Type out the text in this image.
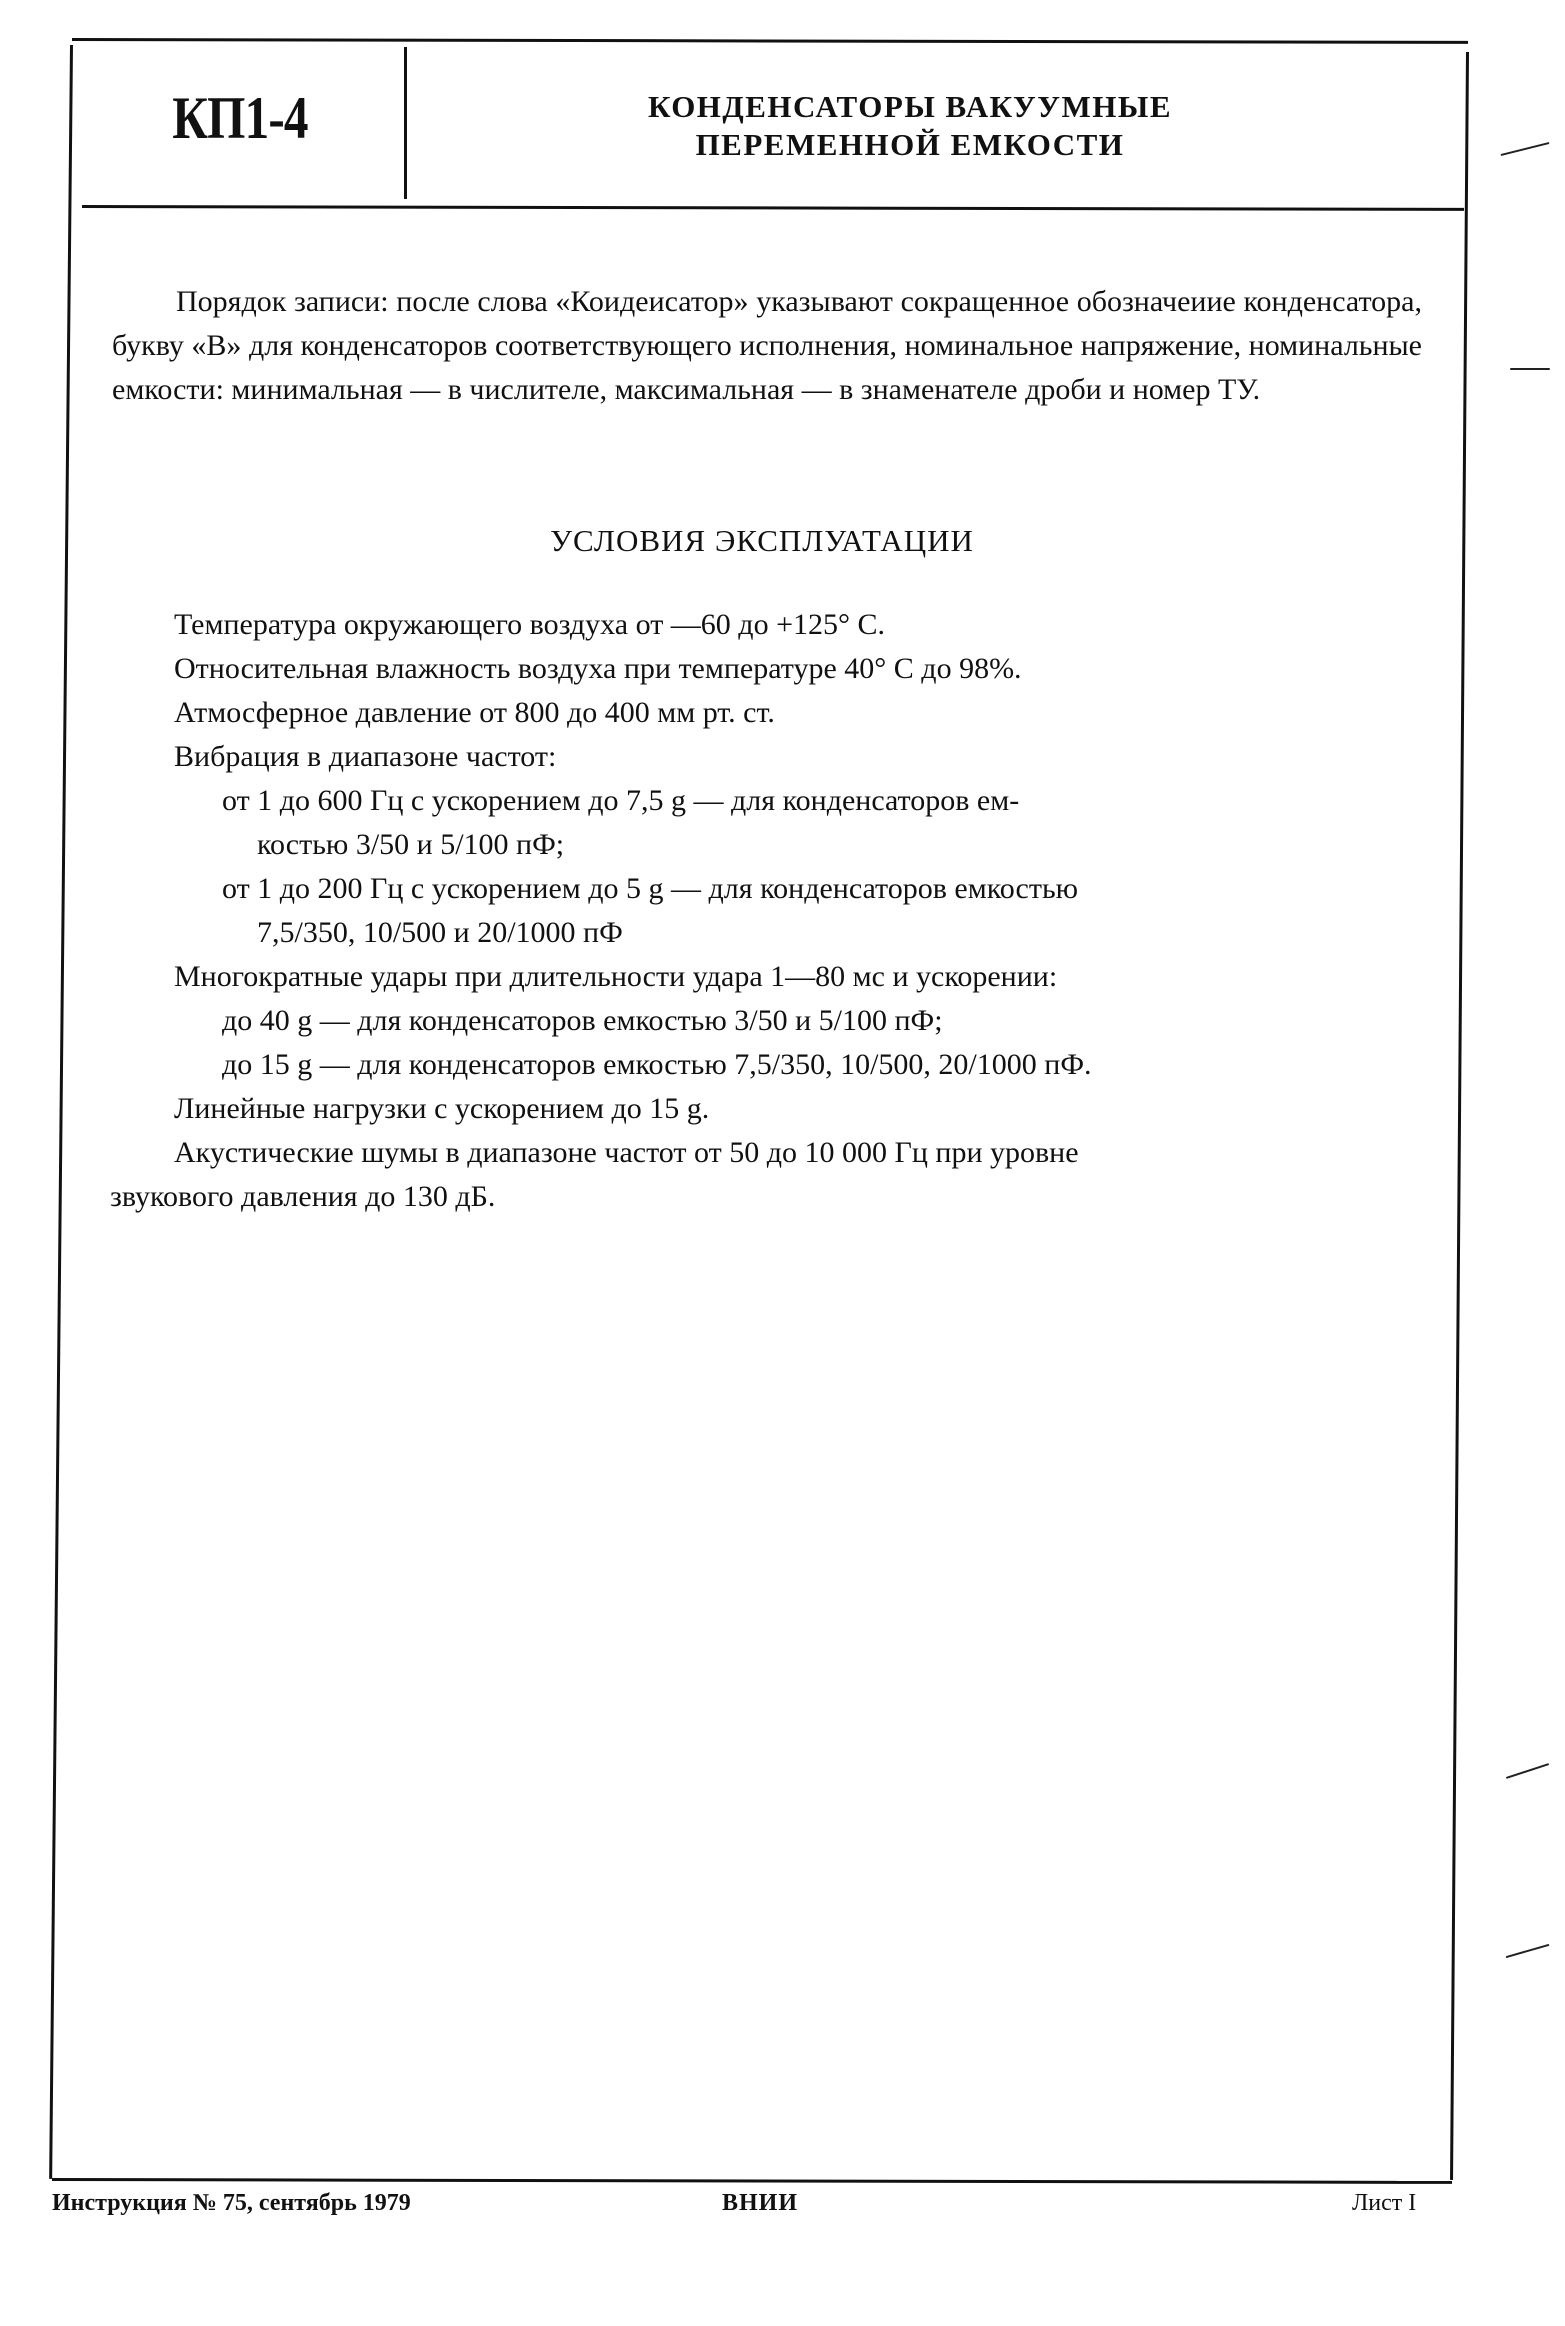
КП1-4	КОНДЕНСАТОРЫ ВАКУУМНЫЕ
ПЕРЕМЕННОЙ ЕМКОСТИ

Порядок записи: после слова «Коидеисатор» указывают сокращенное обозначеиие конденсатора, букву «В» для конденсаторов соответствующего исполнения, номинальное напряжение, номинальные емкости: минимальная — в числителе, максимальная — в знаменателе дроби и номер ТУ.

УСЛОВИЯ ЭКСПЛУАТАЦИИ
Температура окружающего воздуха от —60 до +125° С.
Относительная влажность воздуха при температуре 40° С до 98%.
Атмосферное давление от 800 до 400 мм рт. ст.
Вибрация в диапазоне частот:
от 1 до 600 Гц с ускорением до 7,5 g — для конденсаторов ем-
костью 3/50 и 5/100 пФ;
от 1 до 200 Гц с ускорением до 5 g — для конденсаторов емкостью
7,5/350, 10/500 и 20/1000 пФ
Многократные удары при длительности удара 1—80 мс и ускорении:
до 40 g — для конденсаторов емкостью 3/50 и 5/100 пФ;
до 15 g — для конденсаторов емкостью 7,5/350, 10/500, 20/1000 пФ.
Линейные нагрузки с ускорением до 15 g.
Акустические шумы в диапазоне частот от 50 до 10 000 Гц при уровне
звукового давления до 130 дБ.
Инструкция № 75, сентябрь 1979	ВНИИ	Лист I
